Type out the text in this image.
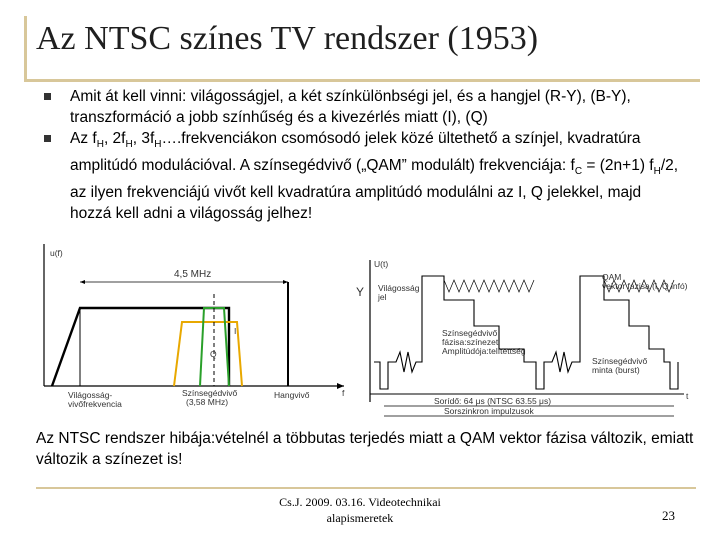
Az NTSC színes TV rendszer (1953)
Amit át kell vinni: világosságjel, a két színkülönbségi jel, és a hangjel (R-Y), (B-Y), transzformáció a jobb színhűség és a kivezérlés miatt (I), (Q)
Az $f_H$, $2f_H$, $3f_H\dots.frekvenciákon$ csomósodó jelek közé ültethető a színjel, kvadratúra amplitúdó modulációval. A színsegédvivő („QAM” modulált) frekvenciája: $f_C = (2n+1)$ $f_H/2$, az ilyen frekvenciájú vivőt kell kvadratúra amplitúdó modulálni az I, Q jelekkel, majd hozzá kell adni a világosság jelhez!
u(f)
4,5 MHz
I
Q
Y
f
Világosság-
vivőfrekvencia
Színsegédvivő
(3,58 MHz)
Hangvivő
U(t)
Világosság
jel
QAM
vektor fázisa (I, Q infó)
Színsegédvivő
fázisa:színezet
Amplitúdója:telítettség
Színsegédvivő
minta (burst)
Sorídő: 64 μs (NTSC 63.55 μs)
Sorszinkron impulzusok
t
Az NTSC rendszer hibája:vételnél a többutas terjedés miatt a QAM vektor fázisa változik, emiatt változik a színezet is!
Cs.J. 2009. 03.16. Videotechnikai
alapismeretek	23
